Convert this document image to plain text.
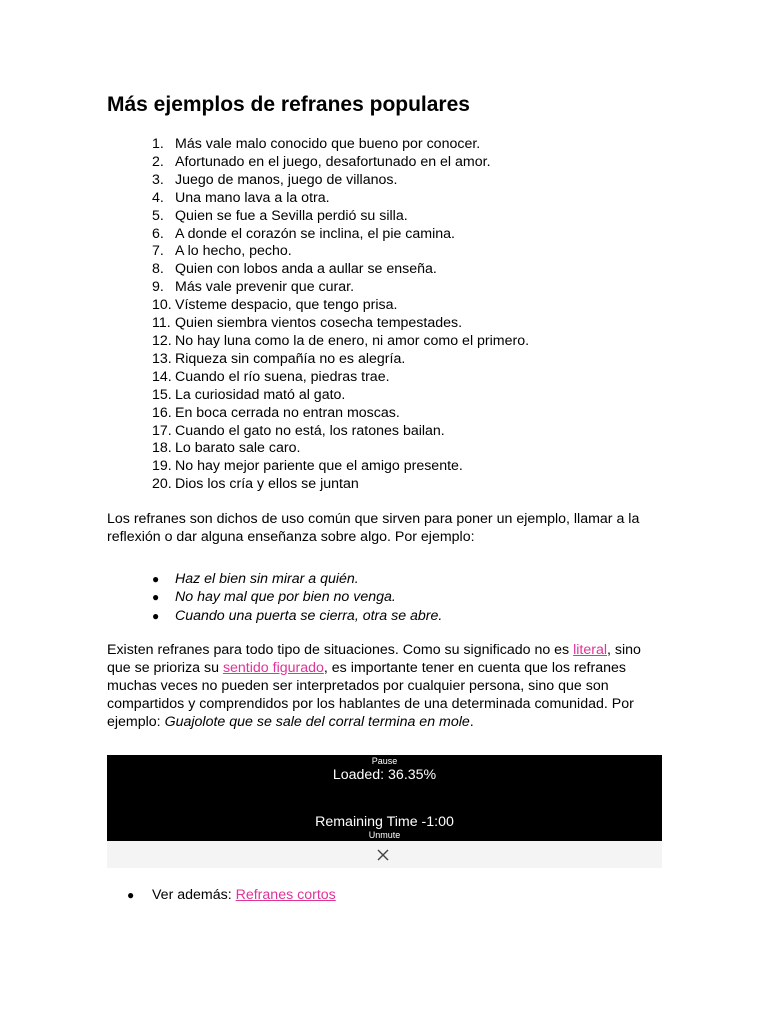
Más ejemplos de refranes populares
1. Más vale malo conocido que bueno por conocer.
2. Afortunado en el juego, desafortunado en el amor.
3. Juego de manos, juego de villanos.
4. Una mano lava a la otra.
5. Quien se fue a Sevilla perdió su silla.
6. A donde el corazón se inclina, el pie camina.
7. A lo hecho, pecho.
8. Quien con lobos anda a aullar se enseña.
9. Más vale prevenir que curar.
10. Vísteme despacio, que tengo prisa.
11. Quien siembra vientos cosecha tempestades.
12. No hay luna como la de enero, ni amor como el primero.
13. Riqueza sin compañía no es alegría.
14. Cuando el río suena, piedras trae.
15. La curiosidad mató al gato.
16. En boca cerrada no entran moscas.
17. Cuando el gato no está, los ratones bailan.
18. Lo barato sale caro.
19. No hay mejor pariente que el amigo presente.
20. Dios los cría y ellos se juntan

Los refranes son dichos de uso común que sirven para poner un ejemplo, llamar a la reflexión o dar alguna enseñanza sobre algo. Por ejemplo:

●	Haz el bien sin mirar a quién.
●	No hay mal que por bien no venga.
●	Cuando una puerta se cierra, otra se abre.

Existen refranes para todo tipo de situaciones. Como su significado no es literal, sino que se prioriza su sentido figurado, es importante tener en cuenta que los refranes muchas veces no pueden ser interpretados por cualquier persona, sino que son compartidos y comprendidos por los hablantes de una determinada comunidad. Por ejemplo: Guajolote que se sale del corral termina en mole.

Pause
Loaded: 36.35%
Remaining Time -1:00
Unmute
●	Ver además:
Refranes cortos
